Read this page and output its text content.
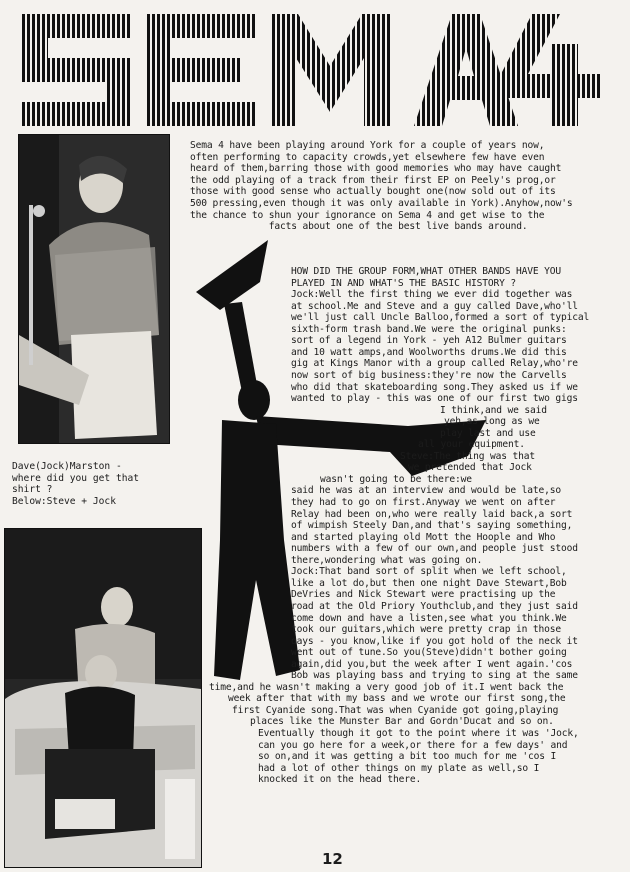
Sema 4 have been playing around York for a couple of years now,
often performing to capacity crowds,yet elsewhere few have even
heard of them,barring those with good memories who may have caught
the odd playing of a track from their first EP on Peely's prog,or
those with good sense who actually bought one(now sold out of its
500 pressing,even though it was only available in York).Anyhow,now's
the chance to shun your ignorance on Sema 4 and get wise to the
facts about one of the best live bands around.
Dave(Jock)Marston -
where did you get that
shirt ?
Below:Steve + Jock
HOW DID THE GROUP FORM,WHAT OTHER BANDS HAVE YOU
PLAYED IN AND WHAT'S THE BASIC HISTORY ?
Jock:Well the first thing we ever did together was
at school.Me and Steve and a guy called Dave,who'll
we'll just call Uncle Balloo,formed a sort of typical
sixth-form trash band.We were the original punks:
sort of a legend in York - yeh A12 Bulmer guitars
and 10 watt amps,and Woolworths drums.We did this
gig at Kings Manor with a group called Relay,who're
now sort of big business:they're now the Carvells
who did that skateboarding song.They asked us if we
wanted to play - this was one of our first two gigs
I think,and we said
yeh,as long as we
play last and use
all your equipment.
Steve:The thing was that
we pretended that Jock
wasn't going to be there:we
said he was at an interview and would be late,so
they had to go on first.Anyway we went on after
Relay had been on,who were really laid back,a sort
of wimpish Steely Dan,and that's saying something,
and started playing old Mott the Hoople and Who
numbers with a few of our own,and people just stood
there,wondering what was going on.
Jock:That band sort of split when we left school,
like a lot do,but then one night Dave Stewart,Bob
DeVries and Nick Stewart were practising up the
road at the Old Priory Youthclub,and they just said
come down and have a listen,see what you think.We
took our guitars,which were pretty crap in those
days - you know,like if you got hold of the neck it
went out of tune.So you(Steve)didn't bother going
again,did you,but the week after I went again.'cos
Bob was playing bass and trying to sing at the same
time,and he wasn't making a very good job of it.I went back the
week after that with my bass and we wrote our first song,the
first Cyanide song.That was when Cyanide got going,playing
places like the Munster Bar and Gordn'Ducat and so on.
Eventually though it got to the point where it was 'Jock,
can you go here for a week,or there for a few days' and
so on,and it was getting a bit too much for me 'cos I
had a lot of other things on my plate as well,so I
knocked it on the head there.
12
